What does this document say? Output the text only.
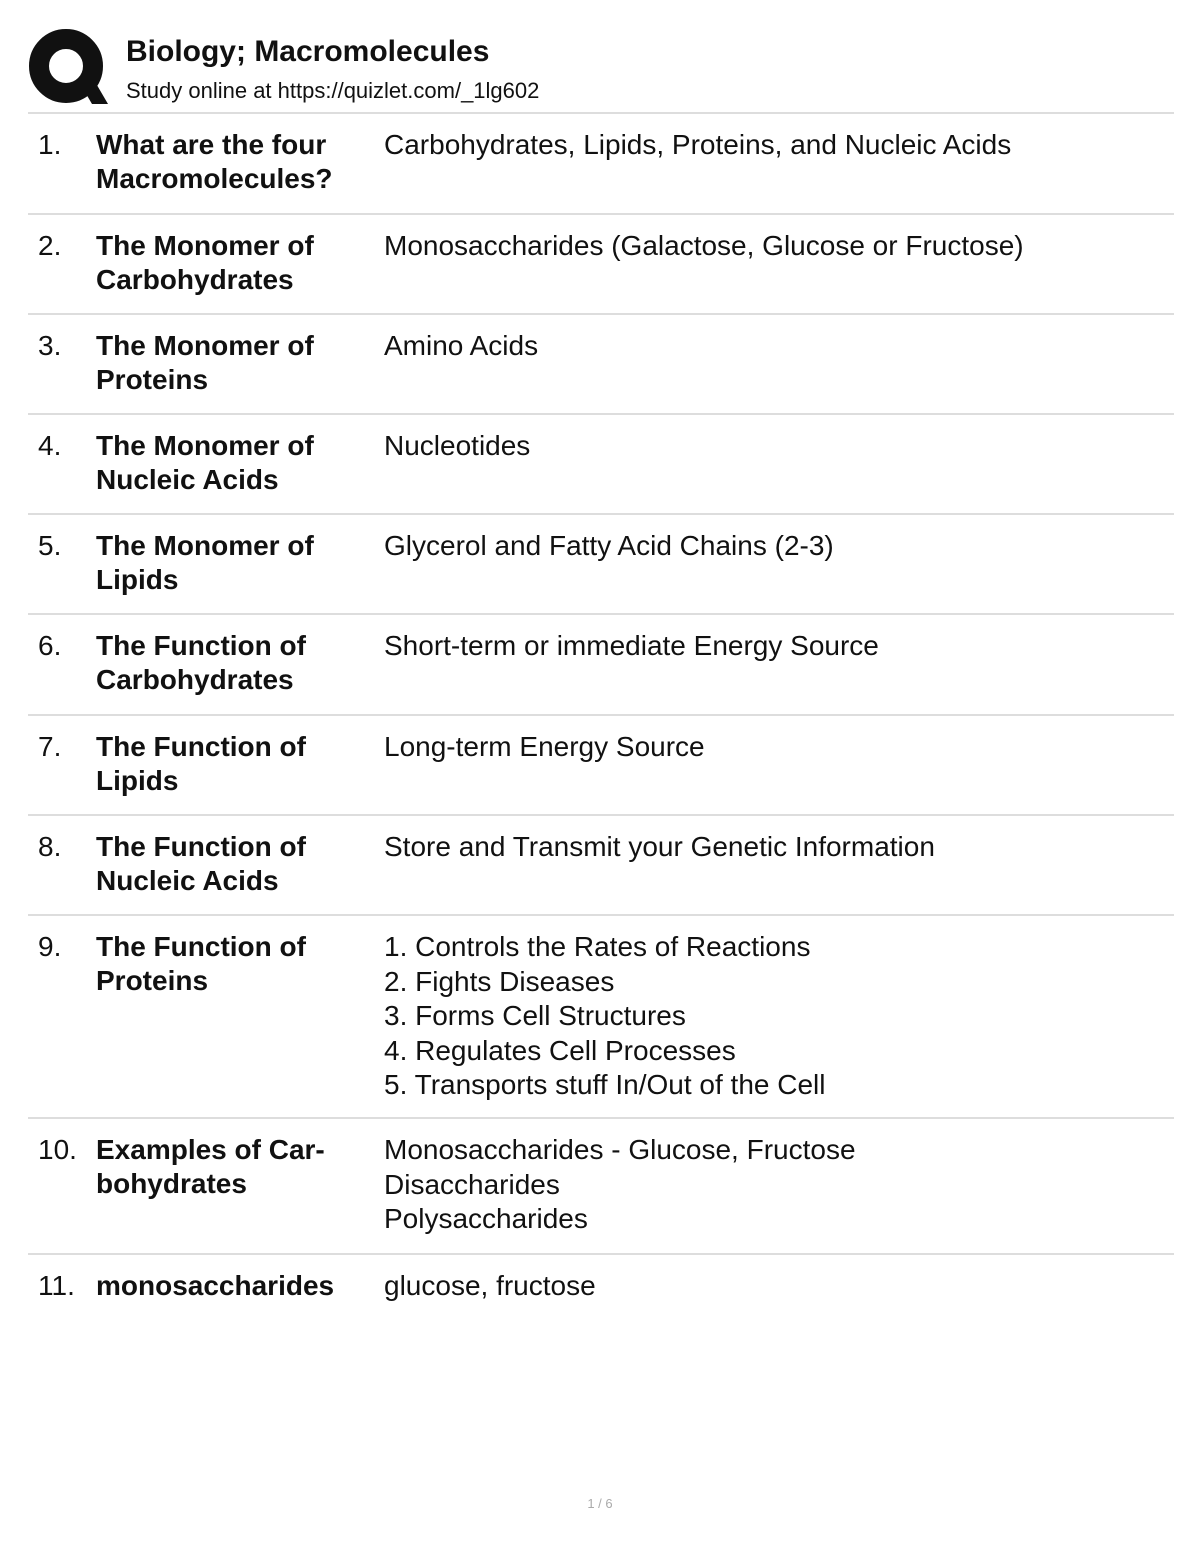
Biology; Macromolecules
Study online at https://quizlet.com/_1lg602
1. What are the four Macromolecules?
Carbohydrates, Lipids, Proteins, and Nucleic Acids
2. The Monomer of Carbohydrates
Monosaccharides (Galactose, Glucose or Fructose)
3. The Monomer of Proteins
Amino Acids
4. The Monomer of Nucleic Acids
Nucleotides
5. The Monomer of Lipids
Glycerol and Fatty Acid Chains (2-3)
6. The Function of Carbohydrates
Short-term or immediate Energy Source
7. The Function of Lipids
Long-term Energy Source
8. The Function of Nucleic Acids
Store and Transmit your Genetic Information
9. The Function of Proteins
1. Controls the Rates of Reactions
2. Fights Diseases
3. Forms Cell Structures
4. Regulates Cell Processes
5. Transports stuff In/Out of the Cell
10. Examples of Car-bohydrates
Monosaccharides - Glucose, Fructose
Disaccharides
Polysaccharides
11. monosaccharides	glucose, fructose
1 / 6
